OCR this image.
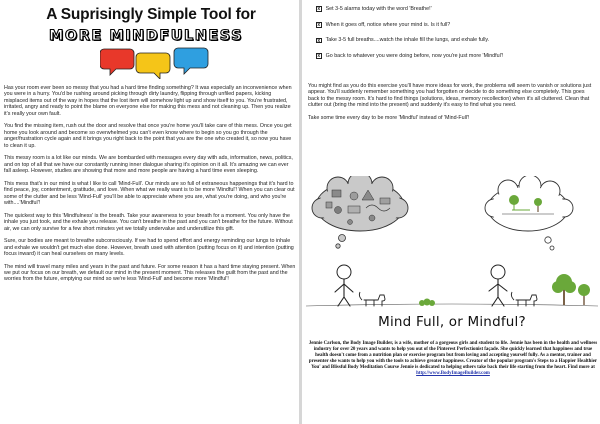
A Suprisingly Simple Tool for
MORE MINDFULNESS

Has your room ever been so messy that you had a hard time finding something? It was especially an inconvenience when you were in a hurry. You'd be rushing around picking through dirty laundry, flipping through unfiled papers, kicking misplaced items out of the way in hopes that the lost item will somehow light up and show itself to you. You're frustrated, irritated, angry and ready to point the blame on everyone else for making this mess and not cleaning up. Then you realize it's really your own fault.

You find the missing item, rush out the door and resolve that once you're home you'll take care of this mess. Once you get home you look around and become so overwhelmed you can't even know where to begin so you go through the anger/frustration cycle again and it brings you right back to the point that you are the one who created it, so now you have to clean it up.

This messy room is a lot like our minds. We are bombarded with messages every day with ads, information, news, politics, and on top of all that we have our constantly running inner dialogue sharing it's opinion on it all. It's amazing we can ever fall asleep. However, studies are showing that more and more people are having a hard time even sleeping.

This mess that's in our mind is what I like to call 'Mind-Full'. Our minds are so full of extraneous happenings that it's hard to find peace, joy, contentment, gratitude, and love. When what we really want is to be more 'Mindful'! When you can clear out some of the clutter and be less 'Mind-Full' you'll be able to appreciate where you are, what you're doing, and who you're with....'Mindful'!

The quickest way to this 'Mindfulness' is the breath. Take your awareness to your breath for a moment. You only have the inhale you just took, and the exhale you release. You can't breathe in the past and you can't breathe for the future. Without air, we can only survive for a few short minutes yet we totally undervalue and underutilize this gift.

Sure, our bodies are meant to breathe subconsciously. If we had to spend effort and energy reminding our lungs to inhale and exhale we wouldn't get much else done. However, breath used with attention (putting focus on it) and intention (putting focus inward) it can heal ourselves on many levels.

The mind will travel many miles and years in the past and future. For some reason it has a hard time staying present. When we put our focus on our breath, we default our mind in the present moment. This releases the guilt from the past and the worries from the future, emptying our mind so we're less 'Mind-Full' and become more 'Mindful'!

x Set 3-5 alarms today with the word 'Breathe!'
x When it goes off, notice where your mind is. Is it full?
x Take 3-5 full breaths....watch the inhale fill the lungs, and exhale fully.
x Go back to whatever you were doing before, now you're just more 'Mindful'!

You might find as you do this exercise you'll have more ideas for work, the problems will seem to vanish or solutions just appear. You'll suddenly remember something you had forgotten or decide to do something else completely. This goes back to the messy room. It's hard to find things (solutions, ideas, memory recollection) when it's all cluttered. Clean that clutter out (bring the mind into the present) and suddenly it's easy to find what you need.

Take some time every day to be more 'Mindful' instead of 'Mind-Full'!

Mind Full, or Mindful?
Jennie Carlson, the Body Image Builder, is a wife, mother of a gorgeous girls and student to life. Jennie has been in the health and wellness industry for over 20 years and wants to help you out of the Pinterest Perfectionist façade. She quickly learned that happiness and true health doesn't come from a nutrition plan or exercise program but from loving and accepting yourself fully. As a mentor, trainer and presenter she wants to help you with the tools to achieve greater happiness. Creator of the popular program's Steps to a Happier Healthier You' and Blissful Body Meditation Course Jennie is dedicated to helping others take back their life starting from the heart. Find more at
http://www.BodyImageBuilder.com
